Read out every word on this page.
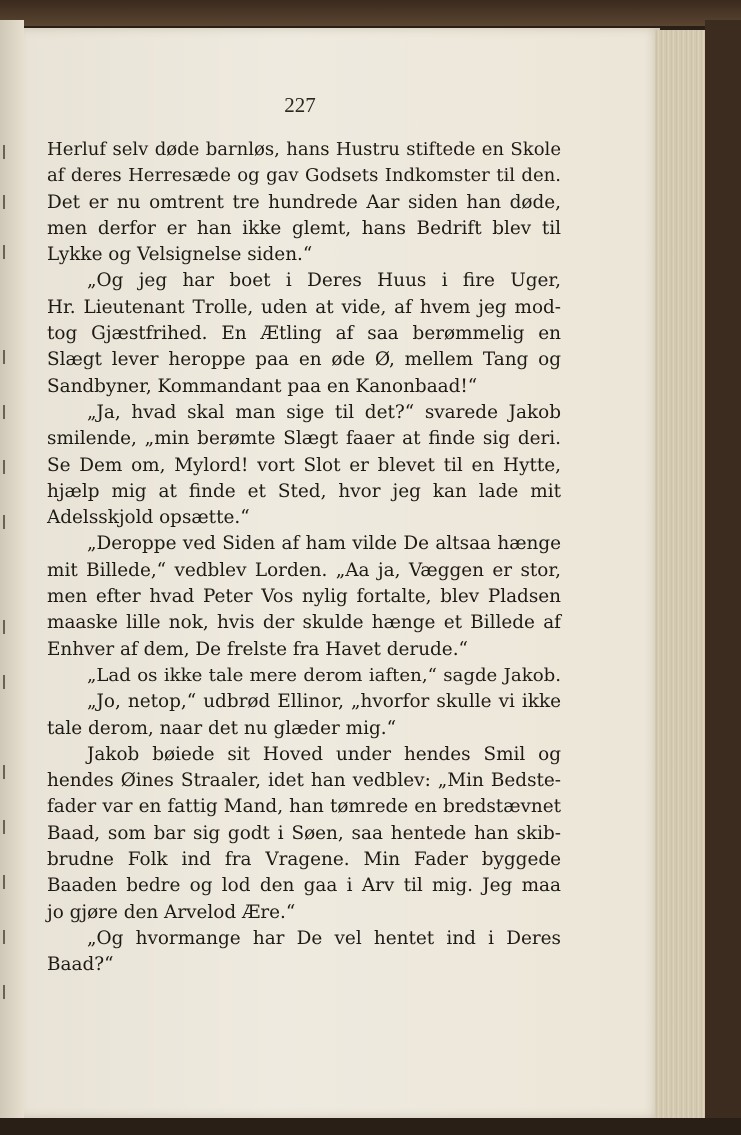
227
Herluf selv døde barnløs, hans Hustru stiftede en Skole
af deres Herresæde og gav Godsets Indkomster til den.
Det er nu omtrent tre hundrede Aar siden han døde,
men derfor er han ikke glemt, hans Bedrift blev til
Lykke og Velsignelse siden.“
„Og jeg har boet i Deres Huus i fire Uger,
Hr. Lieutenant Trolle, uden at vide, af hvem jeg mod-
tog Gjæstfrihed. En Ætling af saa berømmelig en
Slægt lever heroppe paa en øde Ø, mellem Tang og
Sandbyner, Kommandant paa en Kanonbaad!“
„Ja, hvad skal man sige til det?“ svarede Jakob
smilende, „min berømte Slægt faaer at finde sig deri.
Se Dem om, Mylord! vort Slot er blevet til en Hytte,
hjælp mig at finde et Sted, hvor jeg kan lade mit
Adelsskjold opsætte.“
„Deroppe ved Siden af ham vilde De altsaa hænge
mit Billede,“ vedblev Lorden. „Aa ja, Væggen er stor,
men efter hvad Peter Vos nylig fortalte, blev Pladsen
maaske lille nok, hvis der skulde hænge et Billede af
Enhver af dem, De frelste fra Havet derude.“
„Lad os ikke tale mere derom iaften,“ sagde Jakob.
„Jo, netop,“ udbrød Ellinor, „hvorfor skulle vi ikke
tale derom, naar det nu glæder mig.“
Jakob bøiede sit Hoved under hendes Smil og
hendes Øines Straaler, idet han vedblev: „Min Bedste-
fader var en fattig Mand, han tømrede en bredstævnet
Baad, som bar sig godt i Søen, saa hentede han skib-
brudne Folk ind fra Vragene. Min Fader byggede
Baaden bedre og lod den gaa i Arv til mig. Jeg maa
jo gjøre den Arvelod Ære.“
„Og hvormange har De vel hentet ind i Deres
Baad?“
